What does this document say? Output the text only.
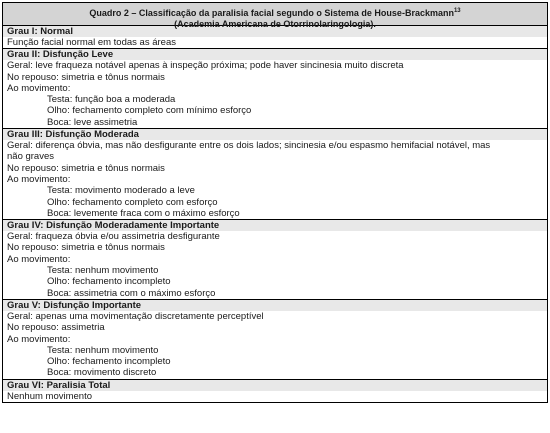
Quadro 2 – Classificação da paralisia facial segundo o Sistema de House-Brackmann$^{13}$
(Academia Americana de Otorrinolaringologia).
Grau I: Normal
Função facial normal em todas as áreas
Grau II: Disfunção Leve
Geral: leve fraqueza notável apenas à inspeção próxima; pode haver sincinesia muito discreta
No repouso: simetria e tônus normais
Ao movimento:
Testa: função boa a moderada
Olho: fechamento completo com mínimo esforço
Boca: leve assimetria
Grau III: Disfunção Moderada
Geral: diferença óbvia, mas não desfigurante entre os dois lados; sincinesia e/ou espasmo hemifacial notável, mas
não graves
No repouso: simetria e tônus normais
Ao movimento:
Testa: movimento moderado a leve
Olho: fechamento completo com esforço
Boca: levemente fraca com o máximo esforço
Grau IV: Disfunção Moderadamente Importante
Geral: fraqueza óbvia e/ou assimetria desfigurante
No repouso: simetria e tônus normais
Ao movimento:
Testa: nenhum movimento
Olho: fechamento incompleto
Boca: assimetria com o máximo esforço
Grau V: Disfunção Importante
Geral: apenas uma movimentação discretamente perceptível
No repouso: assimetria
Ao movimento:
Testa: nenhum movimento
Olho: fechamento incompleto
Boca: movimento discreto
Grau VI: Paralisia Total
Nenhum movimento
